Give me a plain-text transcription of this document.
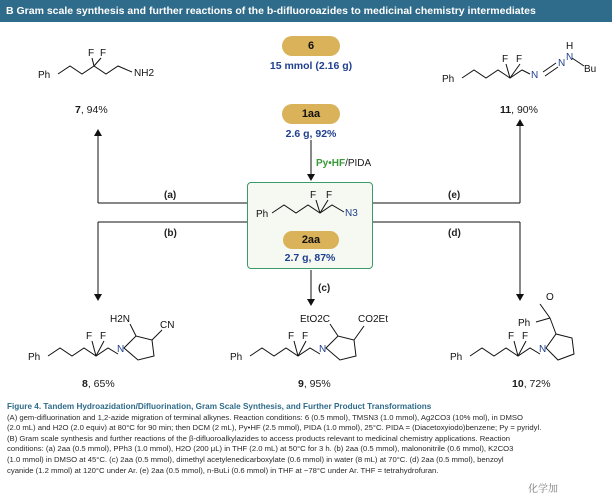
B Gram scale synthesis and further reactions of the b-difluoroazides to medicinal chemistry intermediates
6
15 mmol (2.16 g)
1aa
2.6 g, 92%
Py•HF/PIDA
2aa
2.7 g, 87%
Ph
F F
NH2
Ph
F F
N
N
N
H
Bu
Ph
F F
N3
Ph
F F
H2N
CN
N
Ph
F F
EtO2C	CO2Et
N
Ph
F F
O
Ph
N
(a)
(b)
(c)
(d)
(e)
7, 94%	11, 90%
8, 65%	9, 95%	10, 72%
Figure 4. Tandem Hydroazidation/Difluorination, Gram Scale Synthesis, and Further Product Transformations
(A) gem-difluorination and 1,2-azide migration of terminal alkynes. Reaction conditions: 6 (0.5 mmol), TMSN3 (1.0 mmol), Ag2CO3 (10% mol), in DMSO
(2.0 mL) and H2O (2.0 equiv) at 80°C for 90 min; then DCM (2 mL), Py•HF (2.5 mmol), PIDA (1.0 mmol), 25°C. PIDA = (Diacetoxyiodo)benzene; Py = pyridyl.
(B) Gram scale synthesis and further reactions of the β-difluoroalkylazides to access products relevant to medicinal chemistry applications. Reaction
conditions: (a) 2aa (0.5 mmol), PPh3 (1.0 mmol), H2O (200 μL) in THF (2.0 mL) at 50°C for 3 h. (b) 2aa (0.5 mmol), malononitrile (0.6 mmol), K2CO3
(1.0 mmol) in DMSO at 45°C. (c) 2aa (0.5 mmol), dimethyl acetylenedicarboxylate (0.6 mmol) in water (8 mL) at 70°C. (d) 2aa (0.5 mmol), benzoyl
cyanide (1.2 mmol) at 120°C under Ar. (e) 2aa (0.5 mmol), n-BuLi (0.6 mmol) in THF at −78°C under Ar. THF = tetrahydrofuran.
化学加
